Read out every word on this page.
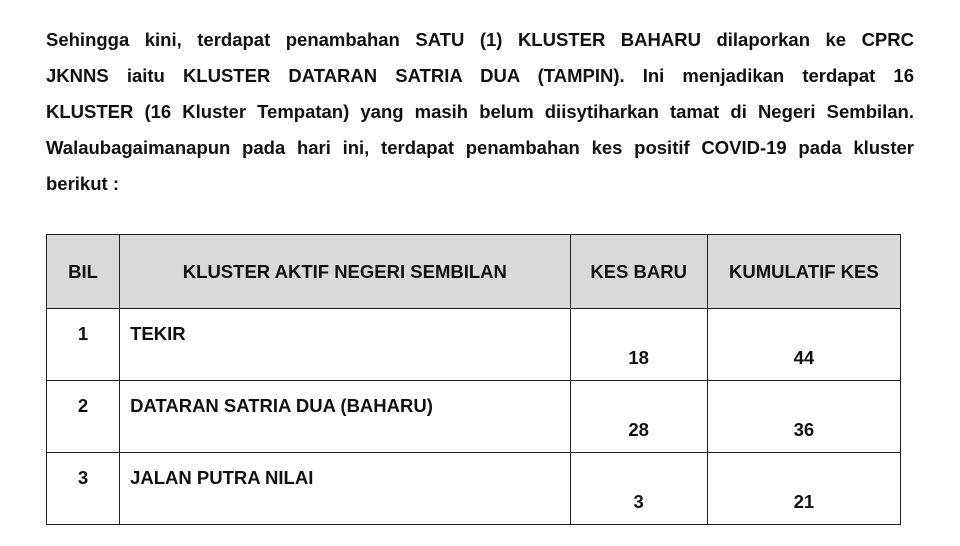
Sehingga kini, terdapat penambahan SATU (1) KLUSTER BAHARU dilaporkan ke CPRC
JKNNS iaitu KLUSTER DATARAN SATRIA DUA (TAMPIN). Ini menjadikan terdapat 16
KLUSTER (16 Kluster Tempatan) yang masih belum diisytiharkan tamat di Negeri Sembilan.
Walaubagaimanapun pada hari ini, terdapat penambahan kes positif COVID-19 pada kluster
berikut :
BIL	KLUSTER AKTIF NEGERI SEMBILAN	KES BARU	KUMULATIF KES
1	TEKIR	18	44
2	DATARAN SATRIA DUA (BAHARU)	28	36
3	JALAN PUTRA NILAI	3	21
